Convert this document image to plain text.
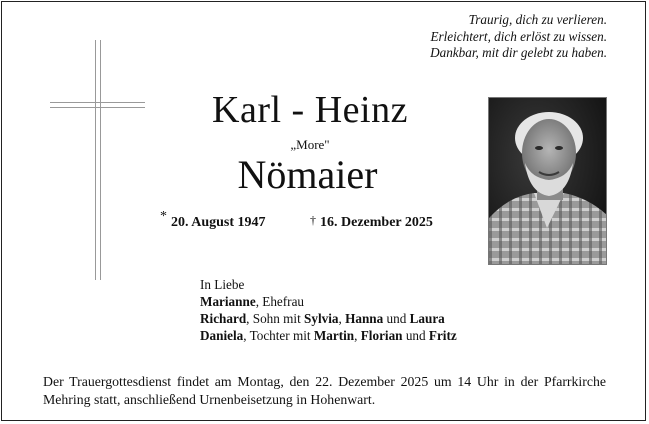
Traurig, dich zu verlieren.
Erleichtert, dich erlöst zu wissen.
Dankbar, mit dir gelebt zu haben.
Karl - Heinz
„More"
Nömaier
* 20. August 1947	† 16. Dezember 2025
In Liebe
Marianne, Ehefrau
Richard, Sohn mit Sylvia, Hanna und Laura
Daniela, Tochter mit Martin, Florian und Fritz
Der Trauergottesdienst findet am Montag, den 22. Dezember 2025 um 14 Uhr in der Pfarrkirche Mehring statt, anschließend Urnenbeisetzung in Hohenwart.
